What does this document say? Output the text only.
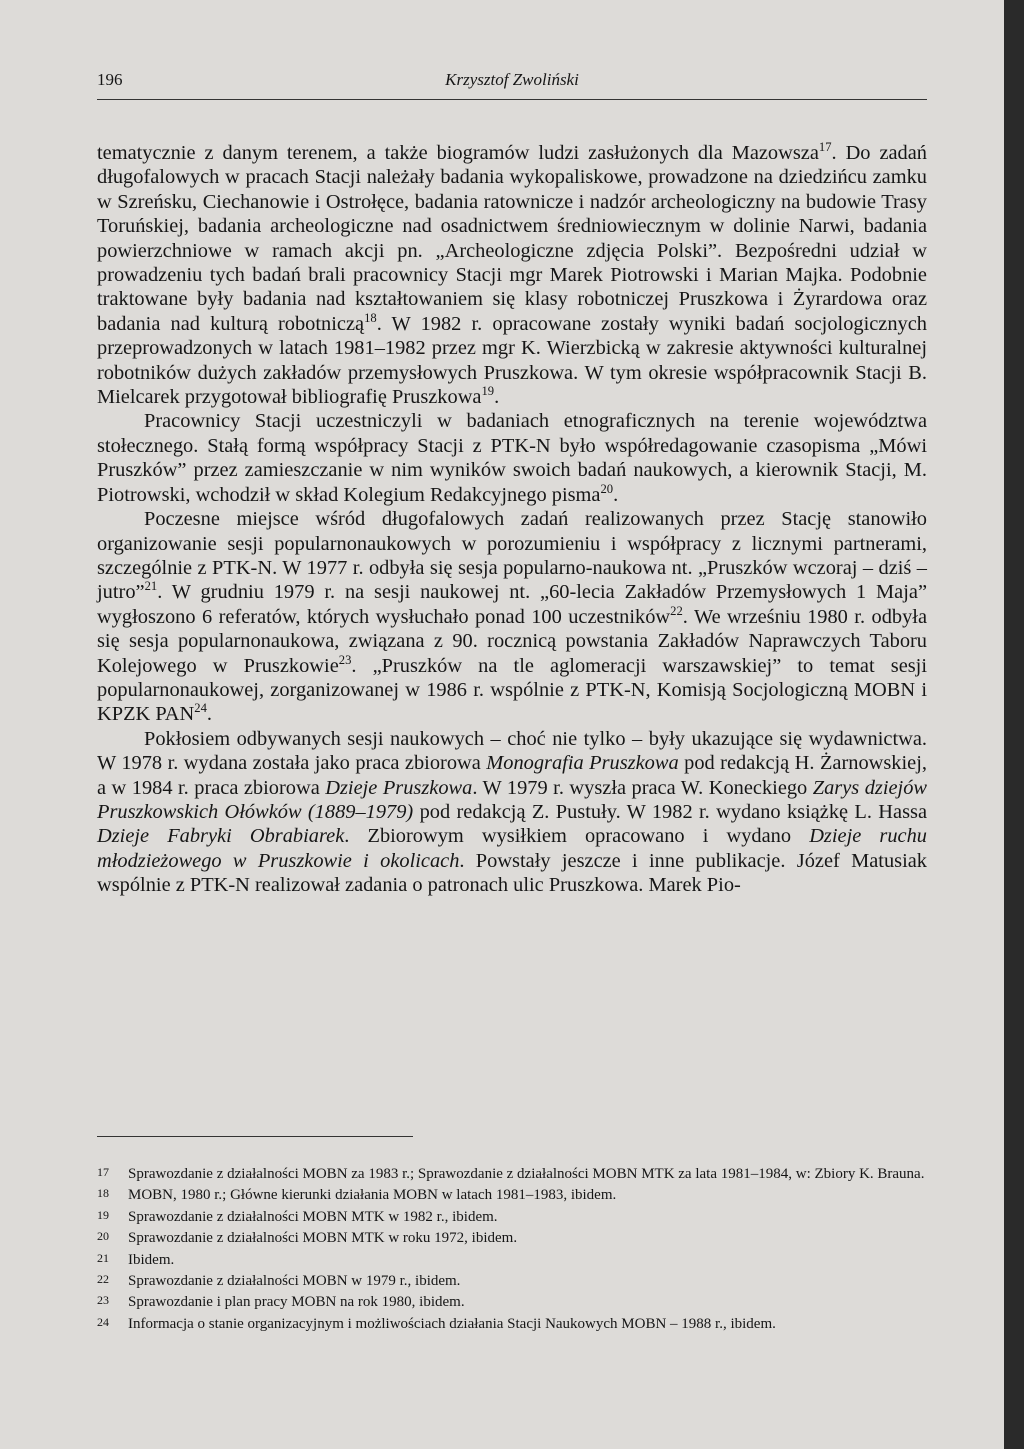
196	Krzysztof Zwoliński

tematycznie z danym terenem, a także biogramów ludzi zasłużonych dla Mazowsza$^{17}$. Do zadań długofalowych w pracach Stacji należały badania wykopaliskowe, prowadzone na dziedzińcu zamku w Szreńsku, Ciechanowie i Ostrołęce, badania ratownicze i nadzór archeologiczny na budowie Trasy Toruńskiej, badania archeologiczne nad osadnictwem średniowiecznym w dolinie Narwi, badania powierzchniowe w ramach akcji pn. „Archeologiczne zdjęcia Polski”. Bezpośredni udział w prowadzeniu tych badań brali pracownicy Stacji mgr Marek Piotrowski i Marian Majka. Podobnie traktowane były badania nad kształtowaniem się klasy robotniczej Pruszkowa i Żyrardowa oraz badania nad kulturą robotniczą$^{18}$. W 1982 r. opracowane zostały wyniki badań socjologicznych przeprowadzonych w latach 1981–1982 przez mgr K. Wierzbicką w zakresie aktywności kulturalnej robotników dużych zakładów przemysłowych Pruszkowa. W tym okresie współpracownik Stacji B. Mielcarek przygotował bibliografię Pruszkowa$^{19}$.

Pracownicy Stacji uczestniczyli w badaniach etnograficznych na terenie województwa stołecznego. Stałą formą współpracy Stacji z PTK-N było współredagowanie czasopisma „Mówi Pruszków” przez zamieszczanie w nim wyników swoich badań naukowych, a kierownik Stacji, M. Piotrowski, wchodził w skład Kolegium Redakcyjnego pisma$^{20}$.

Poczesne miejsce wśród długofalowych zadań realizowanych przez Stację stanowiło organizowanie sesji popularnonaukowych w porozumieniu i współpracy z licznymi partnerami, szczególnie z PTK-N. W 1977 r. odbyła się sesja popularno-naukowa nt. „Pruszków wczoraj – dziś – jutro”$^{21}$. W grudniu 1979 r. na sesji naukowej nt. „60-lecia Zakładów Przemysłowych 1 Maja” wygłoszono 6 referatów, których wysłuchało ponad 100 uczestników$^{22}$. We wrześniu 1980 r. odbyła się sesja popularnonaukowa, związana z 90. rocznicą powstania Zakładów Naprawczych Taboru Kolejowego w Pruszkowie$^{23}$. „Pruszków na tle aglomeracji warszawskiej” to temat sesji popularnonaukowej, zorganizowanej w 1986 r. wspólnie z PTK-N, Komisją Socjologiczną MOBN i KPZK PAN$^{24}$.

Pokłosiem odbywanych sesji naukowych – choć nie tylko – były ukazujące się wydawnictwa. W 1978 r. wydana została jako praca zbiorowa Monografia Pruszkowa pod redakcją H. Żarnowskiej, a w 1984 r. praca zbiorowa Dzieje Pruszkowa. W 1979 r. wyszła praca W. Koneckiego Zarys dziejów Pruszkowskich Ołówków (1889–1979) pod redakcją Z. Pustuły. W 1982 r. wydano książkę L. Hassa Dzieje Fabryki Obrabiarek. Zbiorowym wysiłkiem opracowano i wydano Dzieje ruchu młodzieżowego w Pruszkowie i okolicach. Powstały jeszcze i inne publikacje. Józef Matusiak wspólnie z PTK-N realizował zadania o patronach ulic Pruszkowa. Marek Pio-

17 Sprawozdanie z działalności MOBN za 1983 r.; Sprawozdanie z działalności MOBN MTK za lata 1981–1984, w: Zbiory K. Brauna.

18 MOBN, 1980 r.; Główne kierunki działania MOBN w latach 1981–1983, ibidem.

19 Sprawozdanie z działalności MOBN MTK w 1982 r., ibidem.

20 Sprawozdanie z działalności MOBN MTK w roku 1972, ibidem.

21 Ibidem.

22 Sprawozdanie z działalności MOBN w 1979 r., ibidem.

23 Sprawozdanie i plan pracy MOBN na rok 1980, ibidem.

24 Informacja o stanie organizacyjnym i możliwościach działania Stacji Naukowych MOBN – 1988 r., ibidem.
